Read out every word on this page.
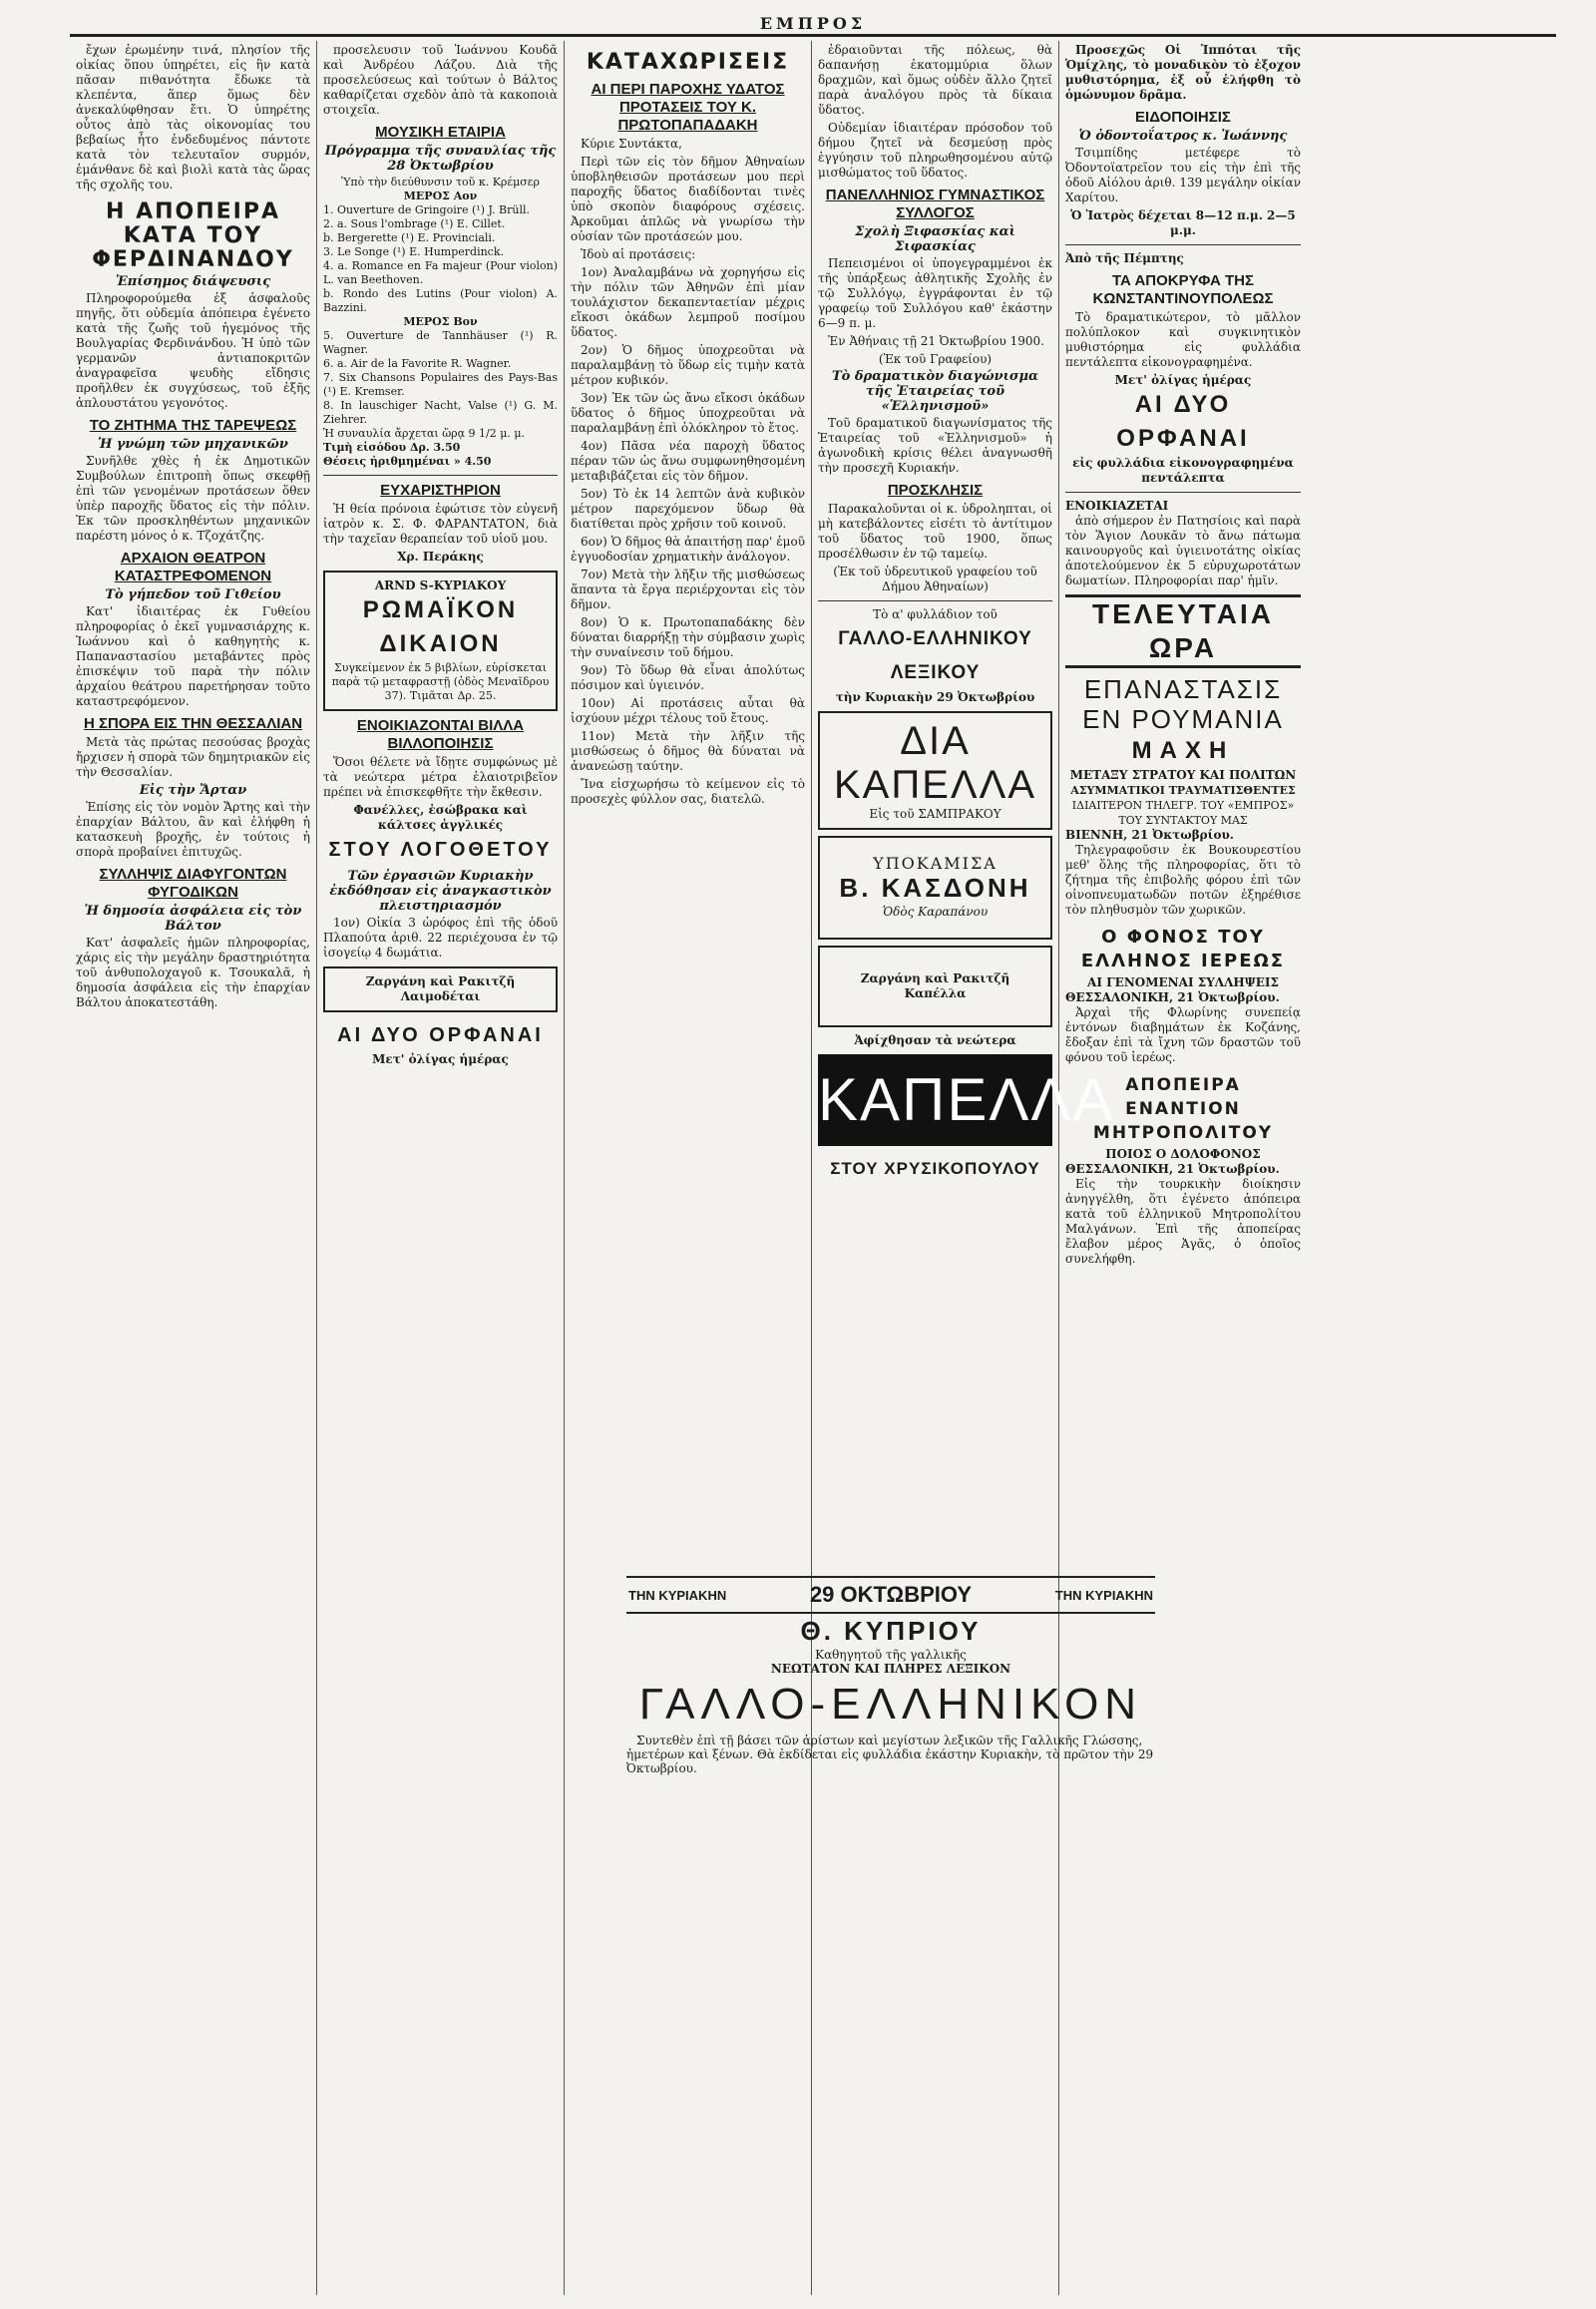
ΕΜΠΡΟΣ
ἔχων ἐρωμένην τινά, πλησίον τῆς οἰκίας ὅπου ὑπηρέτει, εἰς ἣν κατὰ πᾶσαν πιθανότητα ἔδωκε τὰ κλεπέντα, ἅπερ ὅμως δὲν ἀνεκαλύφθησαν ἔτι. Ὁ ὑπηρέτης οὗτος ἀπὸ τὰς οἰκονομίας του βεβαίως ἦτο ἐνδεδυμένος πάντοτε κατὰ τὸν τελευταῖον συρμόν, ἐμάνθανε δὲ καὶ βιολὶ κατὰ τὰς ὥρας τῆς σχολῆς του.
Η ΑΠΟΠΕΙΡΑ ΚΑΤΑ ΤΟΥ ΦΕΡΔΙΝΑΝΔΟΥ
Ἐπίσημος διάψευσις
Πληροφορούμεθα ἐξ ἀσφαλοῦς πηγῆς, ὅτι οὐδεμία ἀπόπειρα ἐγένετο κατὰ τῆς ζωῆς τοῦ ἡγεμόνος τῆς Βουλγαρίας Φερδινάνδου. Ἡ ὑπὸ τῶν γερμανῶν ἀντιαποκριτῶν ἀναγραφεῖσα ψευδὴς εἴδησις προῆλθεν ἐκ συγχύσεως, τοῦ ἐξῆς ἁπλουστάτου γεγονότος.
ΤΟ ΖΗΤΗΜΑ ΤΗΣ ΤΑΡΕΨΕΩΣ
Ἡ γνώμη τῶν μηχανικῶν
Συνῆλθε χθὲς ἡ ἐκ Δημοτικῶν Συμβούλων ἐπιτροπὴ ὅπως σκεφθῇ ἐπὶ τῶν γενομένων προτάσεων ὅθεν ὑπὲρ παροχῆς ὕδατος εἰς τὴν πόλιν. Ἐκ τῶν προσκληθέντων μηχανικῶν παρέστη μόνος ὁ κ. Τζοχάτζης.
ΑΡΧΑΙΟΝ ΘΕΑΤΡΟΝ ΚΑΤΑΣΤΡΕΦΟΜΕΝΟΝ
Τὸ γήπεδον τοῦ Γιθείου
Κατ' ἰδιαιτέρας ἐκ Γυθείου πληροφορίας ὁ ἐκεῖ γυμνασιάρχης κ. Ἰωάννου καὶ ὁ καθηγητὴς κ. Παπαναστασίου μεταβάντες πρὸς ἐπισκέψιν τοῦ παρὰ τὴν πόλιν ἀρχαίου θεάτρου παρετήρησαν τοῦτο καταστρεφόμενον.
Η ΣΠΟΡΑ ΕΙΣ ΤΗΝ ΘΕΣΣΑΛΙΑΝ
Μετὰ τὰς πρώτας πεσούσας βροχὰς ἤρχισεν ἡ σπορὰ τῶν δημητριακῶν εἰς τὴν Θεσσαλίαν.
Εἰς τὴν Ἄρταν
Ἐπίσης εἰς τὸν νομὸν Ἄρτης καὶ τὴν ἐπαρχίαν Βάλτου, ἂν καὶ ἐλήφθη ἡ κατασκευὴ βροχῆς, ἐν τούτοις ἡ σπορὰ προβαίνει ἐπιτυχῶς.
ΣΥΛΛΗΨΙΣ ΔΙΑΦΥΓΟΝΤΩΝ ΦΥΓΟΔΙΚΩΝ
Ἡ δημοσία ἀσφάλεια εἰς τὸν Βάλτον
Κατ' ἀσφαλεῖς ἡμῶν πληροφορίας, χάρις εἰς τὴν μεγάλην δραστηριότητα τοῦ ἀνθυπολοχαγοῦ κ. Τσουκαλᾶ, ἡ δημοσία ἀσφάλεια εἰς τὴν ἐπαρχίαν Βάλτου ἀποκατεστάθη.
προσελευσιν τοῦ Ἰωάννου Κουδᾶ καὶ Ἀνδρέου Λάζου. Διὰ τῆς προσελεύσεως καὶ τούτων ὁ Βάλτος καθαρίζεται σχεδὸν ἀπὸ τὰ κακοποιὰ στοιχεῖα.
ΜΟΥΣΙΚΗ ΕΤΑΙΡΙΑ
Πρόγραμμα τῆς συναυλίας τῆς 28 Ὀκτωβρίου
Ὑπὸ τὴν διεύθυνσιν τοῦ κ. Κρέμσερ
ΜΕΡΟΣ Αον
1. Ouverture de Gringoire (¹) J. Brüll.
2. a. Sous l'ombrage (¹) E. Cillet.
b. Bergerette (¹) E. Provinciali.
3. Le Songe (¹) E. Humperdinck.
4. a. Romance en Fa majeur (Pour violon) L. van Beethoven.
b. Rondo des Lutins (Pour violon) A. Bazzini.
ΜΕΡΟΣ Βον
5. Ouverture de Tannhäuser (¹) R. Wagner.
6. a. Air de la Favorite R. Wagner.
7. Six Chansons Populaires des Pays-Bas (¹) E. Kremser.
8. In lauschiger Nacht, Valse (¹) G. M. Ziehrer.
Ἡ συναυλία ἄρχεται ὥρᾳ 9 1/2 μ. μ.
Τιμὴ εἰσόδου Δρ. 3.50
Θέσεις ἠριθμημέναι » 4.50
ΕΥΧΑΡΙΣΤΗΡΙΟΝ
Ἡ θεία πρόνοια ἐφώτισε τὸν εὐγενῆ ἰατρὸν κ. Σ. Φ. ΦΑΡΑΝΤΑΤΟΝ, διὰ τὴν ταχεῖαν θεραπείαν τοῦ υἱοῦ μου.
Χρ. Περάκης
ARND S-ΚΥΡΙΑΚΟΥ
ΡΩΜΑΪΚΟΝ ΔΙΚΑΙΟΝ
Συγκείμενον ἐκ 5 βιβλίων, εὑρίσκεται παρὰ τῷ μεταφραστῇ (ὁδὸς Μεναῖδρου 37). Τιμᾶται Δρ. 25.
ΕΝΟΙΚΙΑΖΟΝΤΑΙ ΒΙΛΛΑ ΒΙΛΛΟΠΟΙΗΣΙΣ
Ὅσοι θέλετε νὰ ἴδῃτε συμφώνως μὲ τὰ νεώτερα μέτρα ἑλαιοτριβεῖον πρέπει νὰ ἐπισκεφθῆτε τὴν ἔκθεσιν.
Φανέλλες, ἐσώβρακα καὶ κάλτσες ἀγγλικές
ΣΤΟΥ ΛΟΓΟΘΕΤΟΥ
Τῶν ἐργασιῶν Κυριακὴν ἐκδόθησαν εἰς ἀναγκαστικὸν πλειστηριασμόν
1ον) Οἰκία 3 ὡρόφος ἐπὶ τῆς ὁδοῦ Πλαπούτα ἀριθ. 22 περιέχουσα ἐν τῷ ἰσογείῳ 4 δωμάτια.
Ζαργάνη καὶ Ρακιτζῆ
Λαιμοδέται
ΑΙ ΔΥΟ ΟΡΦΑΝΑΙ
Μετ' ὀλίγας ἡμέρας
ΚΑΤΑΧΩΡΙΣΕΙΣ
ΑΙ ΠΕΡΙ ΠΑΡΟΧΗΣ ΥΔΑΤΟΣ ΠΡΟΤΑΣΕΙΣ ΤΟΥ Κ. ΠΡΩΤΟΠΑΠΑΔΑΚΗ
Κύριε Συντάκτα,
Περὶ τῶν εἰς τὸν δῆμον Ἀθηναίων ὑποβληθεισῶν προτάσεων μου περὶ παροχῆς ὕδατος διαδίδονται τινὲς ὑπὸ σκοπὸν διαφόρους σχέσεις. Ἀρκοῦμαι ἁπλῶς νὰ γνωρίσω τὴν οὐσίαν τῶν προτάσεών μου.
Ἰδοὺ αἱ προτάσεις:
1ον) Ἀναλαμβάνω νὰ χορηγήσω εἰς τὴν πόλιν τῶν Ἀθηνῶν ἐπὶ μίαν τουλάχιστον δεκαπενταετίαν μέχρις εἴκοσι ὀκάδων λεμπροῦ ποσίμου ὕδατος.
2ον) Ὁ δῆμος ὑποχρεοῦται νὰ παραλαμβάνῃ τὸ ὕδωρ εἰς τιμὴν κατὰ μέτρον κυβικόν.
3ον) Ἐκ τῶν ὡς ἄνω εἴκοσι ὀκάδων ὕδατος ὁ δῆμος ὑποχρεοῦται νὰ παραλαμβάνῃ ἐπὶ ὁλόκληρον τὸ ἔτος.
4ον) Πᾶσα νέα παροχὴ ὕδατος πέραν τῶν ὡς ἄνω συμφωνηθησομένη μεταβιβάζεται εἰς τὸν δῆμον.
5ον) Τὸ ἐκ 14 λεπτῶν ἀνὰ κυβικὸν μέτρον παρεχόμενον ὕδωρ θὰ διατίθεται πρὸς χρῆσιν τοῦ κοινοῦ.
6ον) Ὁ δῆμος θὰ ἀπαιτήσῃ παρ' ἐμοῦ ἐγγυοδοσίαν χρηματικὴν ἀνάλογον.
7ον) Μετὰ τὴν λῆξιν τῆς μισθώσεως ἅπαντα τὰ ἔργα περιέρχονται εἰς τὸν δῆμον.
8ον) Ὁ κ. Πρωτοπαπαδάκης δὲν δύναται διαρρήξῃ τὴν σύμβασιν χωρὶς τὴν συναίνεσιν τοῦ δήμου.
9ον) Τὸ ὕδωρ θὰ εἶναι ἀπολύτως πόσιμον καὶ ὑγιεινόν.
10ον) Αἱ προτάσεις αὗται θὰ ἰσχύουν μέχρι τέλους τοῦ ἔτους.
11ον) Μετὰ τὴν λῆξιν τῆς μισθώσεως ὁ δῆμος θὰ δύναται νὰ ἀνανεώσῃ ταύτην.
Ἴνα εἰσχωρήσω τὸ κείμενον εἰς τὸ προσεχὲς φύλλον σας, διατελῶ.
ἐδραιοῦνται τῆς πόλεως, θὰ δαπανήσῃ ἐκατομμύρια ὅλων δραχμῶν, καὶ ὅμως οὐδὲν ἄλλο ζητεῖ παρὰ ἀναλόγου πρὸς τὰ δίκαια ὕδατος.
Οὐδεμίαν ἰδιαιτέραν πρόσοδον τοῦ δήμου ζητεῖ νὰ δεσμεύσῃ πρὸς ἐγγύησιν τοῦ πληρωθησομένου αὐτῷ μισθώματος τοῦ ὕδατος.
ΠΑΝΕΛΛΗΝΙΟΣ ΓΥΜΝΑΣΤΙΚΟΣ ΣΥΛΛΟΓΟΣ
Σχολὴ Ξιφασκίας καὶ Σιφασκίας
Πεπεισμένοι οἱ ὑπογεγραμμένοι ἐκ τῆς ὑπάρξεως ἀθλητικῆς Σχολῆς ἐν τῷ Συλλόγῳ, ἐγγράφονται ἐν τῷ γραφείῳ τοῦ Συλλόγου καθ' ἑκάστην 6—9 π. μ.
Ἐν Ἀθήναις τῇ 21 Ὀκτωβρίου 1900.
(Ἐκ τοῦ Γραφείου)
Τὸ δραματικὸν διαγώνισμα τῆς Ἑταιρείας τοῦ «Ἑλληνισμοῦ»
Τοῦ δραματικοῦ διαγωνίσματος τῆς Ἑταιρείας τοῦ «Ἑλληνισμοῦ» ἡ ἀγωνοδικὴ κρίσις θέλει ἀναγνωσθῆ τὴν προσεχῆ Κυριακήν.
ΠΡΟΣΚΛΗΣΙΣ
Παρακαλοῦνται οἱ κ. ὑδροληπται, οἱ μὴ κατεβάλοντες εἰσέτι τὸ ἀντίτιμον τοῦ ὕδατος τοῦ 1900, ὅπως προσέλθωσιν ἐν τῷ ταμείῳ.
(Ἐκ τοῦ ὑδρευτικοῦ γραφείου τοῦ Δήμου Ἀθηναίων)
Τὸ α' φυλλάδιον τοῦ
ΓΑΛΛΟ-ΕΛΛΗΝΙΚΟΥ ΛΕΞΙΚΟΥ
τὴν Κυριακὴν 29 Ὀκτωβρίου
ΔΙΑ ΚΑΠΕΛΛΑ
Εἰς τοῦ ΣΑΜΠΡΑΚΟΥ
ΥΠΟΚΑΜΙΣΑ
Β. ΚΑΣΔΟΝΗ
Ὁδὸς Καραπάνου
Ζαργάνη καὶ Ρακιτζῆ
Καπέλλα
Ἀφίχθησαν τὰ νεώτερα
ΚΑΠΕΛΛΑ
ΣΤΟΥ ΧΡΥΣΙΚΟΠΟΥΛΟΥ
Προσεχῶς Οἱ Ἱππόται τῆς Ὁμίχλης, τὸ μοναδικὸν τὸ ἐξοχον μυθιστόρημα, ἐξ οὗ ἐλήφθη τὸ ὁμώνυμον δρᾶμα.
ΕΙΔΟΠΟΙΗΣΙΣ
Ὁ ὀδοντοΐατρος κ. Ἰωάννης
Τσιμπίδης μετέφερε τὸ Ὀδοντοϊατρεῖον του εἰς τὴν ἐπὶ τῆς ὁδοῦ Αἰόλου ἀριθ. 139 μεγάλην οἰκίαν Χαρίτου.
Ὁ Ἰατρὸς δέχεται 8—12 π.μ. 2—5 μ.μ.
Ἀπὸ τῆς Πέμπτης
ΤΑ ΑΠΟΚΡΥΦΑ ΤΗΣ ΚΩΝΣΤΑΝΤΙΝΟΥΠΟΛΕΩΣ
Τὸ δραματικώτερον, τὸ μᾶλλον πολύπλοκον καὶ συγκινητικὸν μυθιστόρημα εἰς φυλλάδια πεντάλεπτα εἰκονογραφημένα.
Μετ' ὀλίγας ἡμέρας
ΑΙ ΔΥΟ ΟΡΦΑΝΑΙ
εἰς φυλλάδια εἰκονογραφημένα πεντάλεπτα
ΕΝΟΙΚΙΑΖΕΤΑΙ
ἀπὸ σήμερον ἐν Πατησίοις καὶ παρὰ τὸν Ἅγιον Λουκᾶν τὸ ἄνω πάτωμα καινουργοῦς καὶ ὑγιεινοτάτης οἰκίας ἀποτελούμενον ἐκ 5 εὐρυχωροτάτων δωματίων. Πληροφορίαι παρ' ἡμῖν.
ΤΕΛΕΥΤΑΙΑ ΩΡΑ
ΕΠΑΝΑΣΤΑΣΙΣ ΕΝ ΡΟΥΜΑΝΙΑ
ΜΑΧΗ
ΜΕΤΑΞΥ ΣΤΡΑΤΟΥ ΚΑΙ ΠΟΛΙΤΩΝ
ΑΣΥΜΜΑΤΙΚΟΙ ΤΡΑΥΜΑΤΙΣΘΕΝΤΕΣ
ΙΔΙΑΙΤΕΡΟΝ ΤΗΛΕΓΡ. ΤΟΥ «ΕΜΠΡΟΣ» ΤΟΥ ΣΥΝΤΑΚΤΟΥ ΜΑΣ
ΒΙΕΝΝΗ, 21 Ὀκτωβρίου.
Τηλεγραφοῦσιν ἐκ Βουκουρεστίου μεθ' ὅλης τῆς πληροφορίας, ὅτι τὸ ζήτημα τῆς ἐπιβολῆς φόρου ἐπὶ τῶν οἰνοπνευματωδῶν ποτῶν ἐξηρέθισε τὸν πληθυσμὸν τῶν χωρικῶν.
Ο ΦΟΝΟΣ ΤΟΥ ΕΛΛΗΝΟΣ ΙΕΡΕΩΣ
ΑΙ ΓΕΝΟΜΕΝΑΙ ΣΥΛΛΗΨΕΙΣ
ΘΕΣΣΑΛΟΝΙΚΗ, 21 Ὀκτωβρίου.
Ἀρχαὶ τῆς Φλωρίνης συνεπείᾳ ἐντόνων διαβημάτων ἐκ Κοζάνης, ἔδοξαν ἐπὶ τὰ ἴχνη τῶν δραστῶν τοῦ φόνου τοῦ ἱερέως.
ΑΠΟΠΕΙΡΑ ΕΝΑΝΤΙΟΝ ΜΗΤΡΟΠΟΛΙΤΟΥ
ΠΟΙΟΣ Ο ΔΟΛΟΦΟΝΟΣ
ΘΕΣΣΑΛΟΝΙΚΗ, 21 Ὀκτωβρίου.
Εἰς τὴν τουρκικὴν διοίκησιν ἀνηγγέλθη, ὅτι ἐγένετο ἀπόπειρα κατὰ τοῦ ἑλληνικοῦ Μητροπολίτου Μαλγάνων. Ἐπὶ τῆς ἀποπείρας ἔλαβον μέρος Ἀγᾶς, ὁ ὁποῖος συνελήφθη.
ΤΗΝ ΚΥΡΙΑΚΗΝ	29 ΟΚΤΩΒΡΙΟΥ	ΤΗΝ ΚΥΡΙΑΚΗΝ
Θ. ΚΥΠΡΙΟΥ
Καθηγητοῦ τῆς γαλλικῆς
ΝΕΩΤΑΤΟΝ ΚΑΙ ΠΛΗΡΕΣ ΛΕΞΙΚΟΝ
ΓΑΛΛΟ-ΕΛΛΗΝΙΚΟΝ
Συντεθὲν ἐπὶ τῇ βάσει τῶν ἀρίστων καὶ μεγίστων λεξικῶν τῆς Γαλλικῆς Γλώσσης, ἡμετέρων καὶ ξένων. Θὰ ἐκδίδεται εἰς φυλλάδια ἐκάστην Κυριακὴν, τὸ πρῶτον τὴν 29 Ὀκτωβρίου.
